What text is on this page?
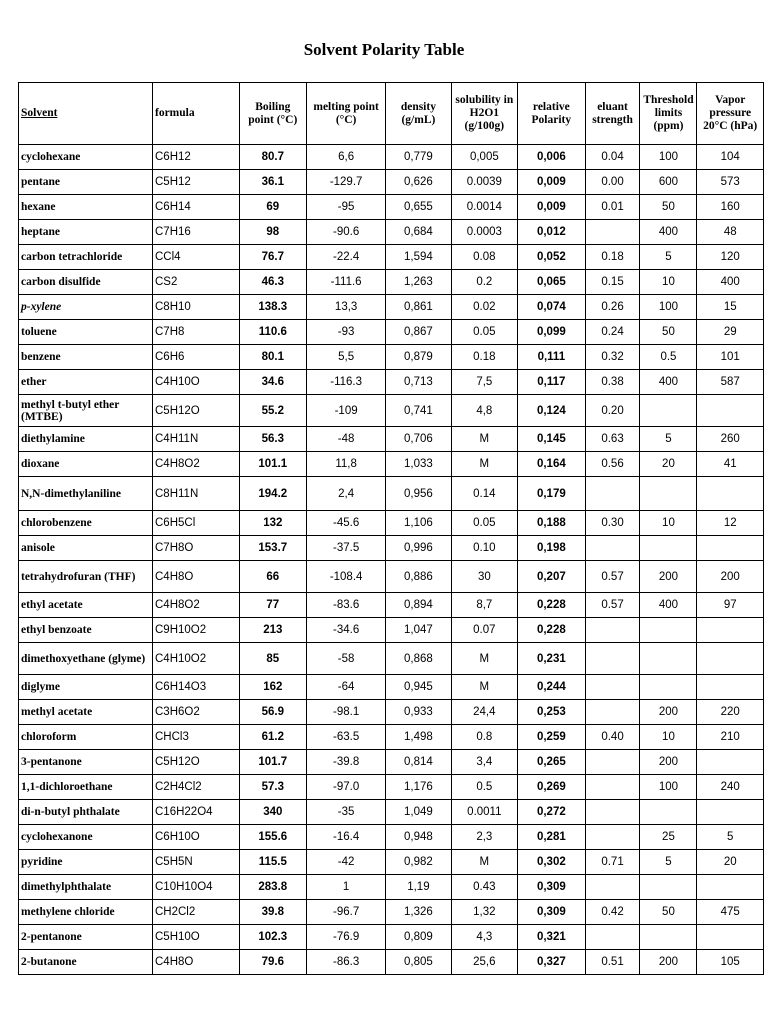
Solvent Polarity Table
Solvent	formula	Boiling point (°C)	melting point (°C)	density (g/mL)	solubility in H2O1 (g/100g)	relative Polarity	eluant strength	Threshold limits (ppm)	Vapor pressure 20°C (hPa)
cyclohexane	C6H12	80.7	6,6	0,779	0,005	0,006	0.04	100	104
pentane	C5H12	36.1	-129.7	0,626	0.0039	0,009	0.00	600	573
hexane	C6H14	69	-95	0,655	0.0014	0,009	0.01	50	160
heptane	C7H16	98	-90.6	0,684	0.0003	0,012		400	48
carbon tetrachloride	CCl4	76.7	-22.4	1,594	0.08	0,052	0.18	5	120
carbon disulfide	CS2	46.3	-111.6	1,263	0.2	0,065	0.15	10	400
p-xylene	C8H10	138.3	13,3	0,861	0.02	0,074	0.26	100	15
toluene	C7H8	110.6	-93	0,867	0.05	0,099	0.24	50	29
benzene	C6H6	80.1	5,5	0,879	0.18	0,111	0.32	0.5	101
ether	C4H10O	34.6	-116.3	0,713	7,5	0,117	0.38	400	587
methyl t-butyl ether (MTBE)	C5H12O	55.2	-109	0,741	4,8	0,124	0.20		
diethylamine	C4H11N	56.3	-48	0,706	M	0,145	0.63	5	260
dioxane	C4H8O2	101.1	11,8	1,033	M	0,164	0.56	20	41
N,N-dimethylaniline	C8H11N	194.2	2,4	0,956	0.14	0,179			
chlorobenzene	C6H5Cl	132	-45.6	1,106	0.05	0,188	0.30	10	12
anisole	C7H8O	153.7	-37.5	0,996	0.10	0,198			
tetrahydrofuran (THF)	C4H8O	66	-108.4	0,886	30	0,207	0.57	200	200
ethyl acetate	C4H8O2	77	-83.6	0,894	8,7	0,228	0.57	400	97
ethyl benzoate	C9H10O2	213	-34.6	1,047	0.07	0,228			
dimethoxyethane (glyme)	C4H10O2	85	-58	0,868	M	0,231			
diglyme	C6H14O3	162	-64	0,945	M	0,244			
methyl acetate	C3H6O2	56.9	-98.1	0,933	24,4	0,253		200	220
chloroform	CHCl3	61.2	-63.5	1,498	0.8	0,259	0.40	10	210
3-pentanone	C5H12O	101.7	-39.8	0,814	3,4	0,265		200	
1,1-dichloroethane	C2H4Cl2	57.3	-97.0	1,176	0.5	0,269		100	240
di-n-butyl phthalate	C16H22O4	340	-35	1,049	0.0011	0,272			
cyclohexanone	C6H10O	155.6	-16.4	0,948	2,3	0,281		25	5
pyridine	C5H5N	115.5	-42	0,982	M	0,302	0.71	5	20
dimethylphthalate	C10H10O4	283.8	1	1,19	0.43	0,309			
methylene chloride	CH2Cl2	39.8	-96.7	1,326	1,32	0,309	0.42	50	475
2-pentanone	C5H10O	102.3	-76.9	0,809	4,3	0,321			
2-butanone	C4H8O	79.6	-86.3	0,805	25,6	0,327	0.51	200	105
